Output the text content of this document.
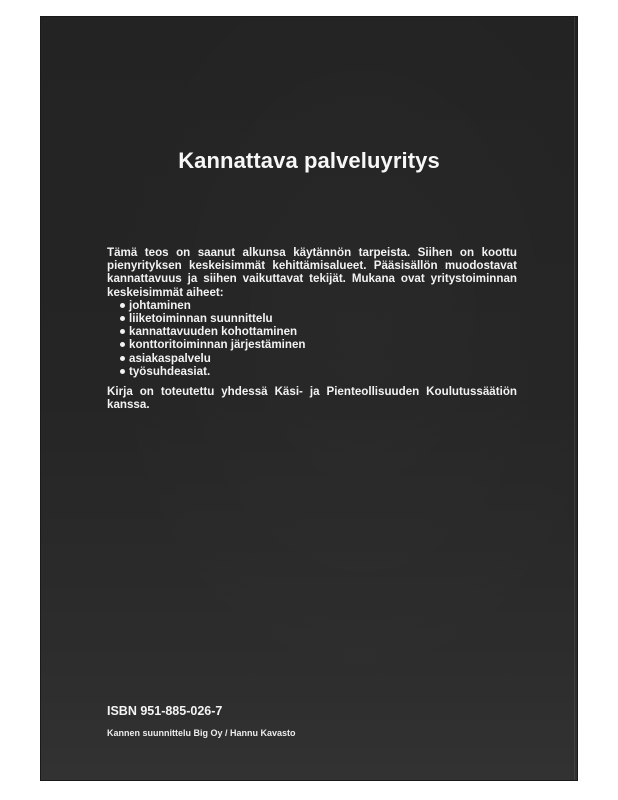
Kannattava palveluyritys

Tämä teos on saanut alkunsa käytännön tarpeista. Siihen on koottu pienyrityksen keskeisimmät kehittämisalueet. Pääsisällön muodostavat kannattavuus ja siihen vaikuttavat tekijät. Mukana ovat yritystoiminnan keskeisimmät aiheet:

johtaminen
liiketoiminnan suunnittelu
kannattavuuden kohottaminen
konttoritoiminnan järjestäminen
asiakaspalvelu
työsuhdeasiat.

Kirja on toteutettu yhdessä Käsi- ja Pienteollisuuden Koulutussäätiön kanssa.

ISBN 951-885-026-7

Kannen suunnittelu Big Oy / Hannu Kavasto
